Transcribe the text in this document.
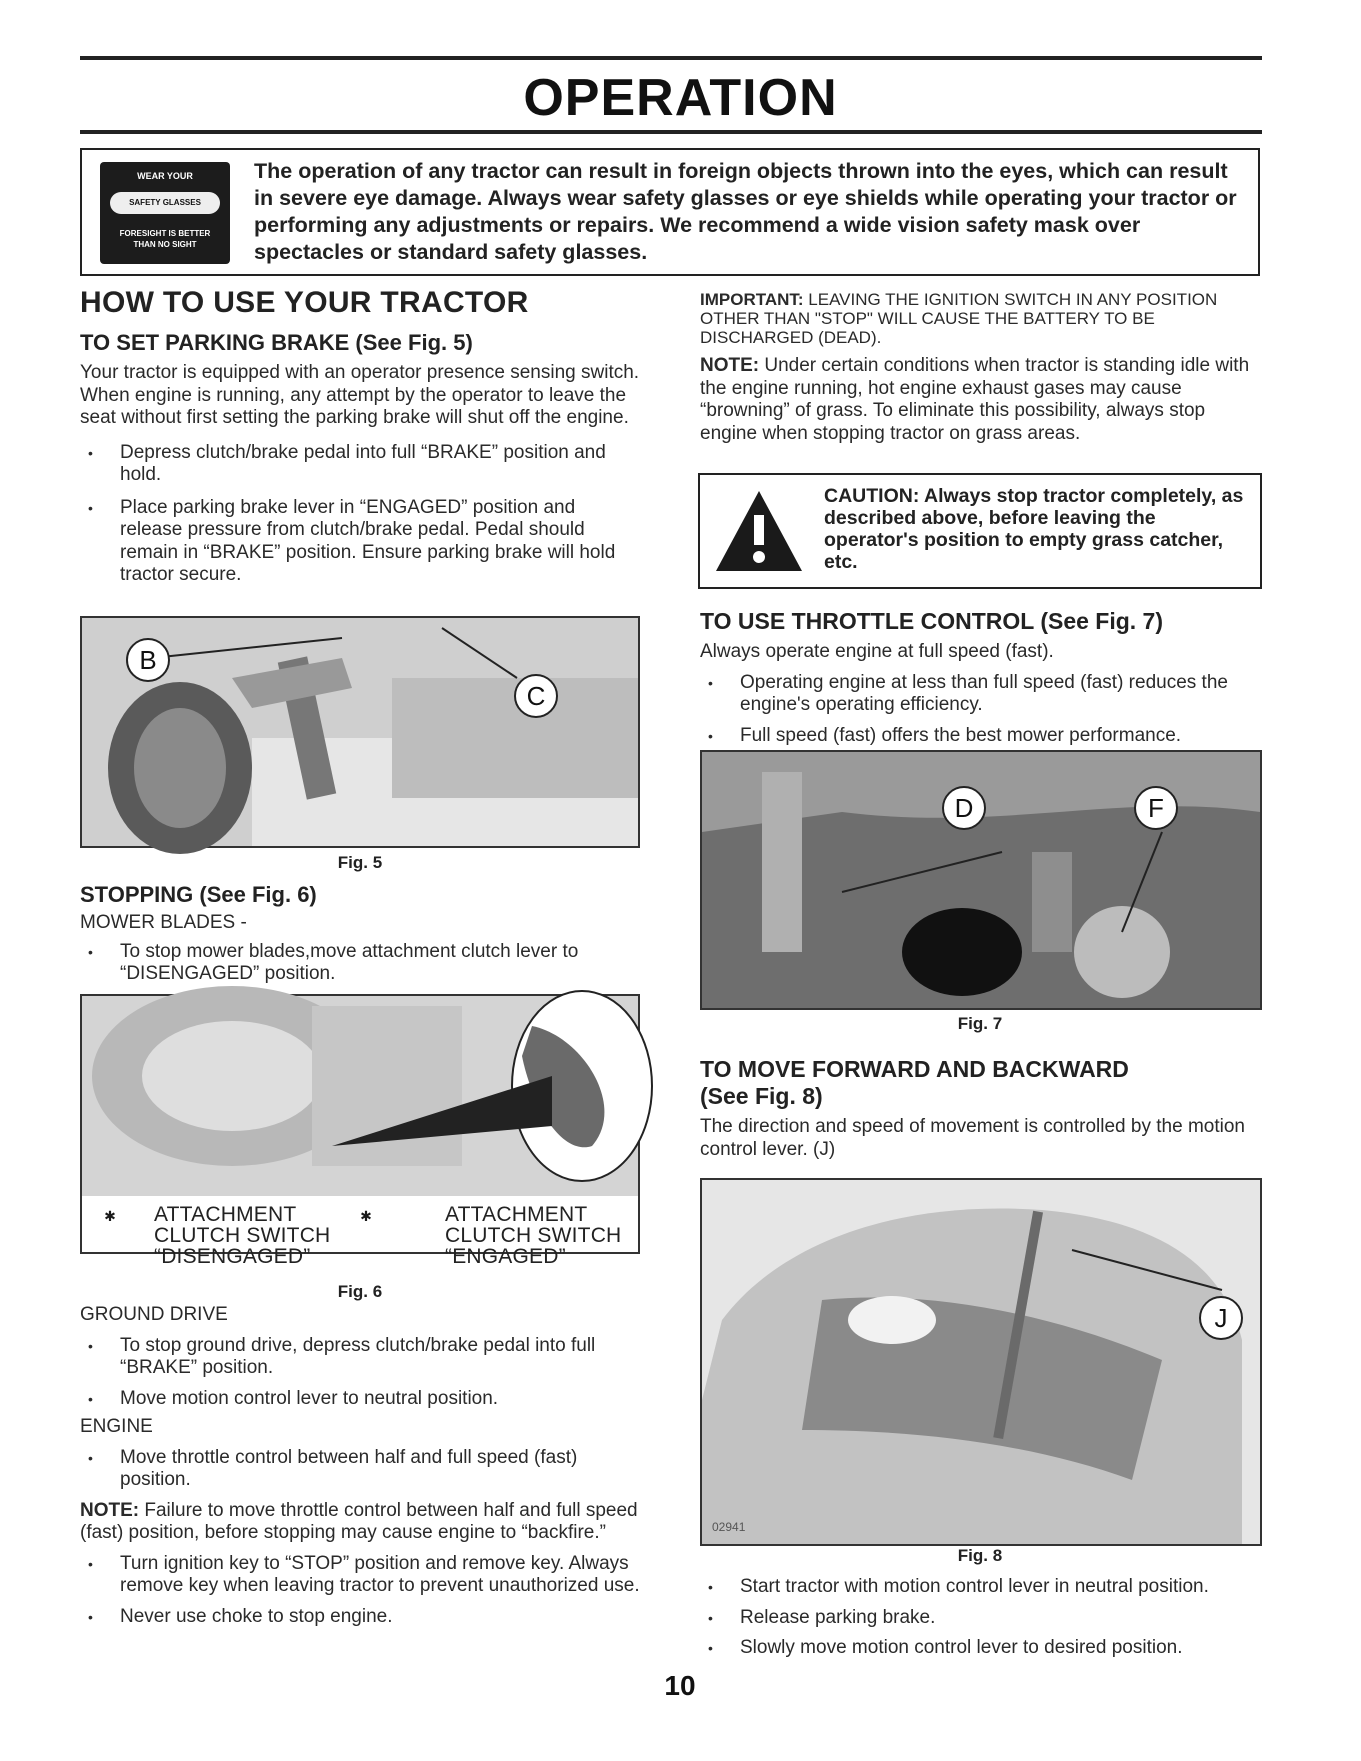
OPERATION
WEAR YOUR
SAFETY GLASSES
FORESIGHT IS BETTER
THAN NO SIGHT
The operation of any tractor can result in foreign objects thrown into the eyes, which can result in severe eye damage. Always wear safety glasses or eye shields while operating your tractor or performing any adjustments or repairs. We recommend a wide vision safety mask over spectacles or standard safety glasses.
HOW TO USE YOUR TRACTOR
TO SET PARKING BRAKE (See Fig. 5)

Your tractor is equipped with an operator presence sensing switch. When engine is running, any attempt by the operator to leave the seat without first setting the parking brake will shut off the engine.

• Depress clutch/brake pedal into full “BRAKE” position and hold.
• Place parking brake lever in “ENGAGED” position and release pressure from clutch/brake pedal. Pedal should remain in “BRAKE” position. Ensure parking brake will hold tractor secure.
B
C
Fig. 5
STOPPING (See Fig. 6)
MOWER BLADES -
• To stop mower blades,move attachment clutch lever to “DISENGAGED” position.
✱	ATTACHMENT
CLUTCH SWITCH
“DISENGAGED”
✱	ATTACHMENT
CLUTCH SWITCH
“ENGAGED”
Fig. 6
GROUND DRIVE
• To stop ground drive, depress clutch/brake pedal into full “BRAKE” position.
• Move motion control lever to neutral position.
ENGINE
• Move throttle control between half and full speed (fast) position.

NOTE: Failure to move throttle control between half and full speed (fast) position, before stopping may cause engine to “backfire.”

• Turn ignition key to “STOP” position and remove key. Always remove key when leaving tractor to prevent unauthorized use.
• Never use choke to stop engine.

IMPORTANT: LEAVING THE IGNITION SWITCH IN ANY POSITION OTHER THAN "STOP" WILL CAUSE THE BATTERY TO BE DISCHARGED (DEAD).

NOTE: Under certain conditions when tractor is standing idle with the engine running, hot engine exhaust gases may cause “browning” of grass. To eliminate this possibility, always stop engine when stopping tractor on grass areas.

CAUTION: Always stop tractor completely, as described above, before leaving the operator's position to empty grass catcher, etc.
TO USE THROTTLE CONTROL (See Fig. 7)

Always operate engine at full speed (fast).

• Operating engine at less than full speed (fast) reduces the engine's operating efficiency.
• Full speed (fast) offers the best mower performance.
D	F
Fig. 7
TO MOVE FORWARD AND BACKWARD
(See Fig. 8)

The direction and speed of movement is controlled by the motion control lever. (J)

J
02941
Fig. 8
• Start tractor with motion control lever in neutral position.
• Release parking brake.
• Slowly move motion control lever to desired position.
10
